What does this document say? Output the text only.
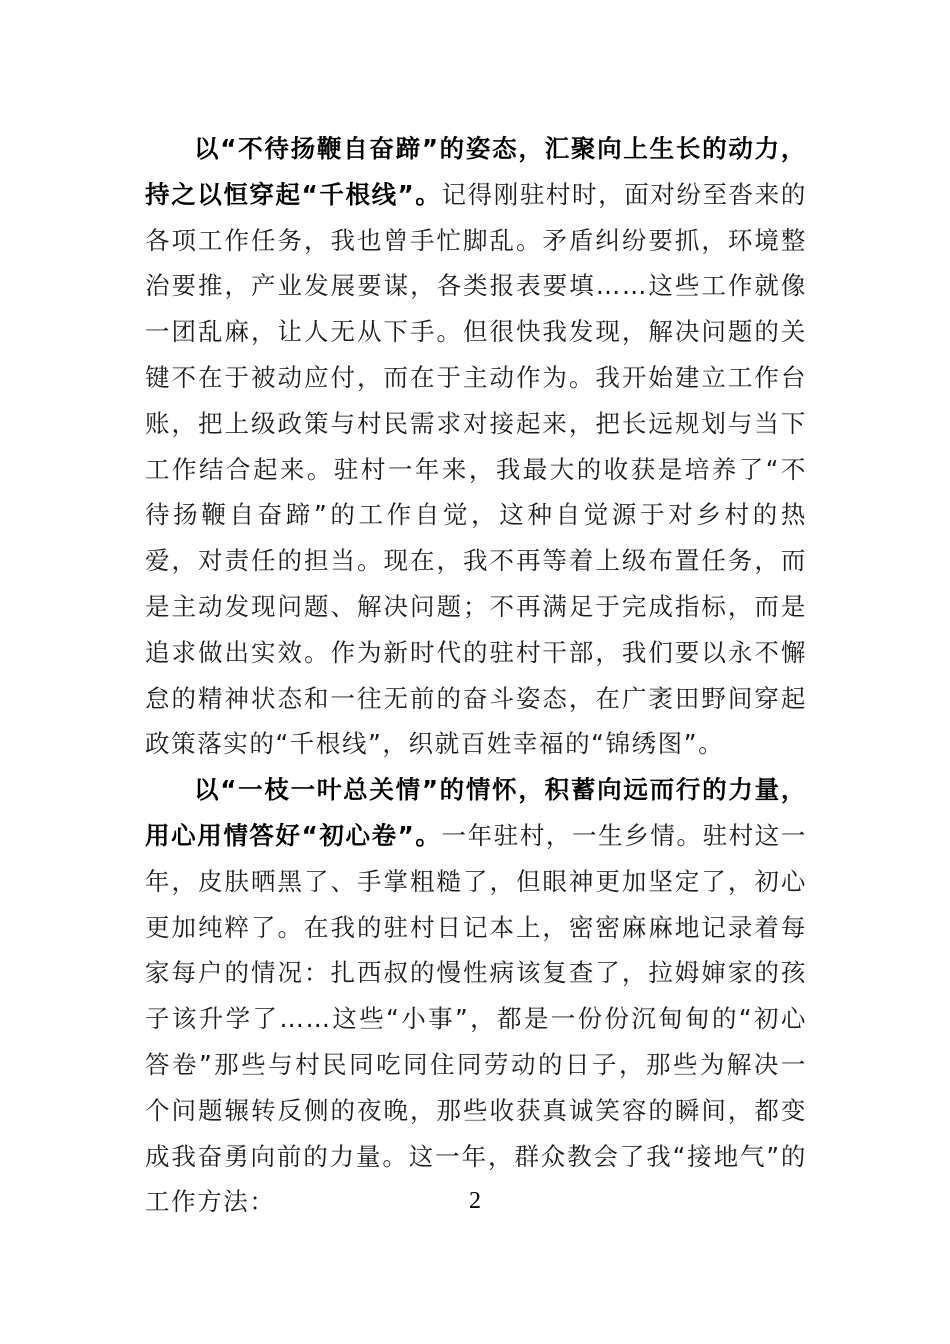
以“不待扬鞭自奋蹄”的姿态，汇聚向上生长的动力，持之以恒穿起“千根线”。记得刚驻村时，面对纷至沓来的各项工作任务，我也曾手忙脚乱。矛盾纠纷要抓，环境整治要推，产业发展要谋，各类报表要填……这些工作就像一团乱麻，让人无从下手。但很快我发现，解决问题的关键不在于被动应付，而在于主动作为。我开始建立工作台账，把上级政策与村民需求对接起来，把长远规划与当下工作结合起来。驻村一年来，我最大的收获是培养了“不待扬鞭自奋蹄”的工作自觉，这种自觉源于对乡村的热爱，对责任的担当。现在，我不再等着上级布置任务，而是主动发现问题、解决问题；不再满足于完成指标，而是追求做出实效。作为新时代的驻村干部，我们要以永不懈怠的精神状态和一往无前的奋斗姿态，在广袤田野间穿起政策落实的“千根线”，织就百姓幸福的“锦绣图”。

以“一枝一叶总关情”的情怀，积蓄向远而行的力量，用心用情答好“初心卷”。一年驻村，一生乡情。驻村这一年，皮肤晒黑了、手掌粗糙了，但眼神更加坚定了，初心更加纯粹了。在我的驻村日记本上，密密麻麻地记录着每家每户的情况：扎西叔的慢性病该复查了，拉姆婶家的孩子该升学了……这些“小事”，都是一份份沉甸甸的“初心答卷”那些与村民同吃同住同劳动的日子，那些为解决一个问题辗转反侧的夜晚，那些收获真诚笑容的瞬间，都变成我奋勇向前的力量。这一年，群众教会了我“接地气”的工作方法：	2
